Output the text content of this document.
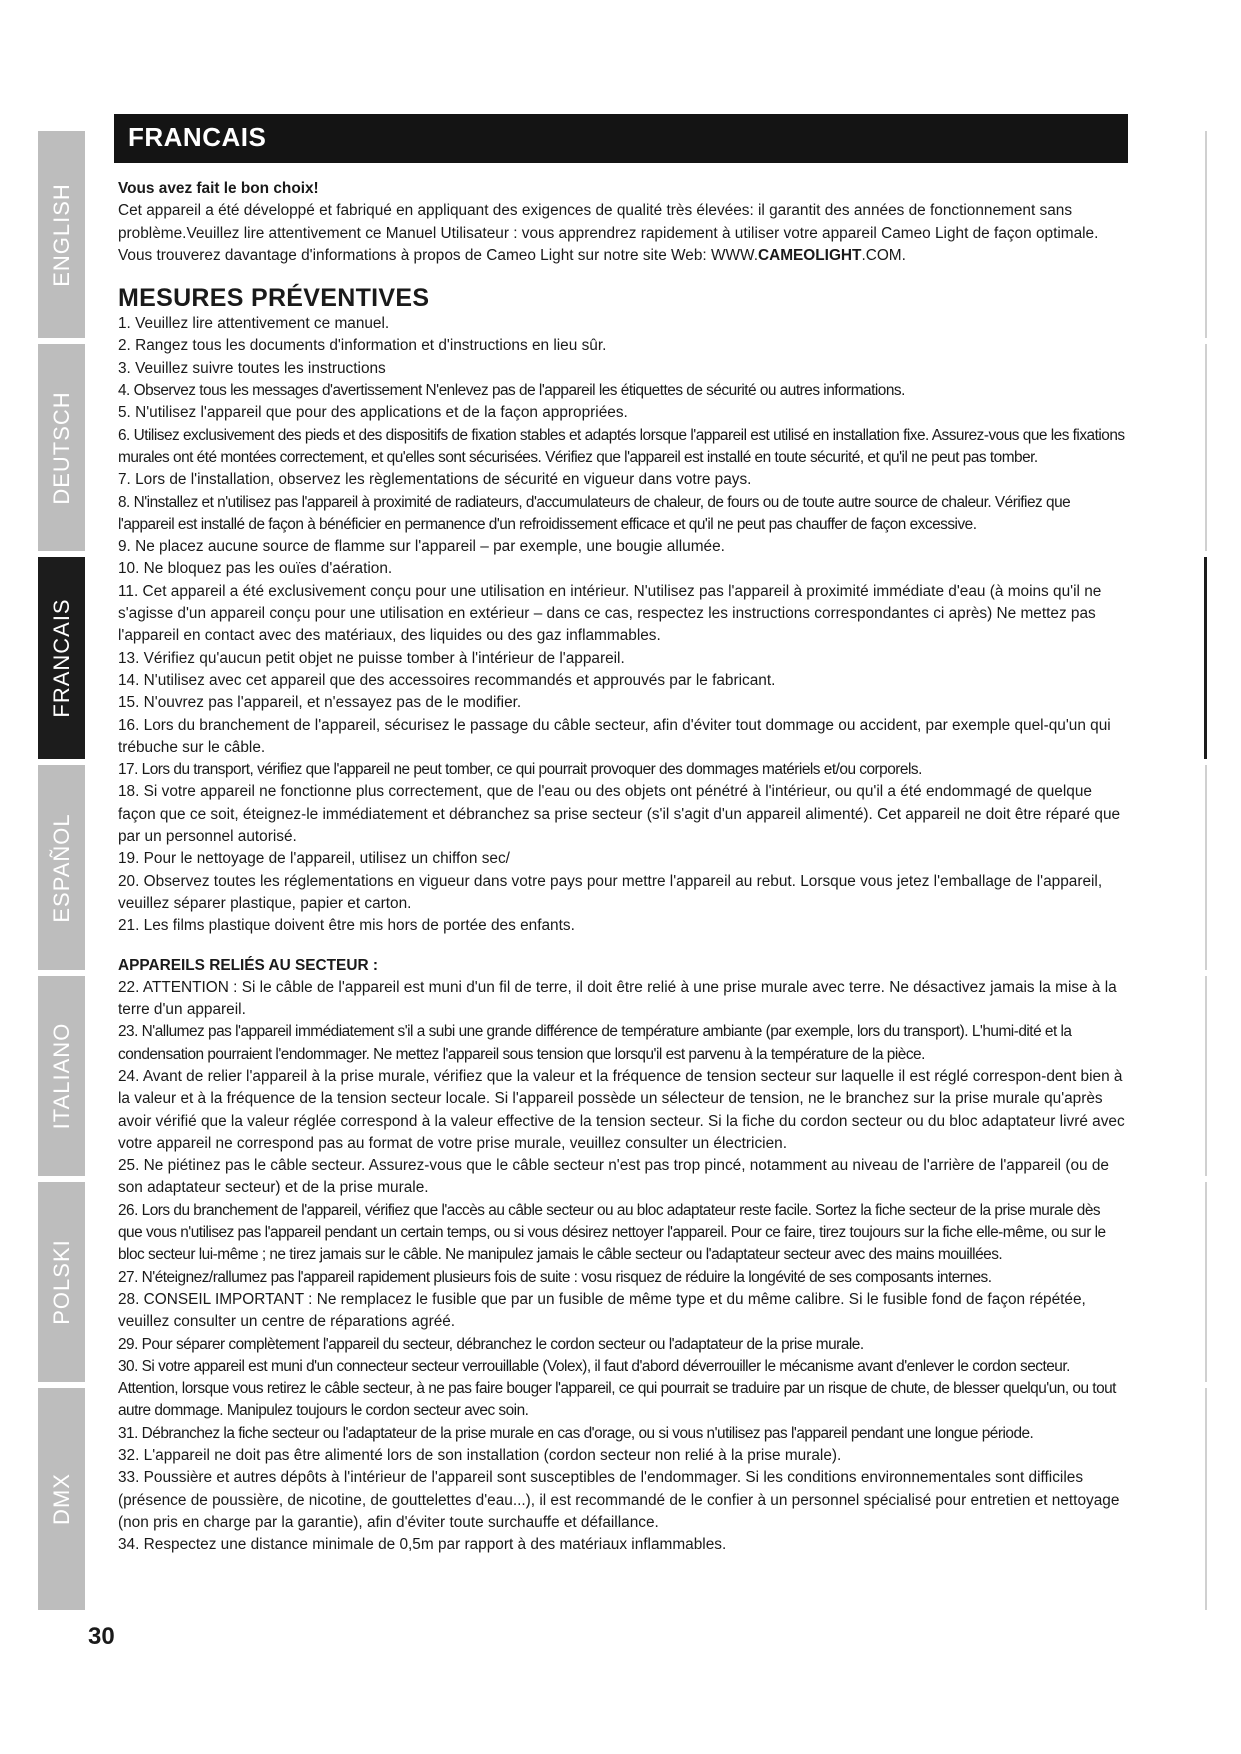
ENGLISH
DEUTSCH
FRANCAIS
ESPAÑOL
ITALIANO
POLSKI
DMX
FRANCAIS

Vous avez fait le bon choix!

Cet appareil a été développé et fabriqué en appliquant des exigences de qualité très élevées: il garantit des années de fonctionnement sans problème.Veuillez lire attentivement ce Manuel Utilisateur : vous apprendrez rapidement à utiliser votre appareil Cameo Light de façon optimale. Vous trouverez davantage d'informations à propos de Cameo Light sur notre site Web: WWW.CAMEOLIGHT.COM.

MESURES PRÉVENTIVES

1. Veuillez lire attentivement ce manuel.

2. Rangez tous les documents d'information et d'instructions en lieu sûr.

3. Veuillez suivre toutes les instructions

4. Observez tous les messages d'avertissement N'enlevez pas de l'appareil les étiquettes de sécurité ou autres informations.

5. N'utilisez l'appareil que pour des applications et de la façon appropriées.

6. Utilisez exclusivement des pieds et des dispositifs de fixation stables et adaptés lorsque l'appareil est utilisé en installation fixe. Assurez-vous que les fixations murales ont été montées correctement, et qu'elles sont sécurisées. Vérifiez que l'appareil est installé en toute sécurité, et qu'il ne peut pas tomber.

7. Lors de l'installation, observez les règlementations de sécurité en vigueur dans votre pays.

8. N'installez et n'utilisez pas l'appareil à proximité de radiateurs, d'accumulateurs de chaleur, de fours ou de toute autre source de chaleur. Vérifiez que l'appareil est installé de façon à bénéficier en permanence d'un refroidissement efficace et qu'il ne peut pas chauffer de façon excessive.

9. Ne placez aucune source de flamme sur l'appareil – par exemple, une bougie allumée.

10. Ne bloquez pas les ouïes d'aération.

11. Cet appareil a été exclusivement conçu pour une utilisation en intérieur. N'utilisez pas l'appareil à proximité immédiate d'eau (à moins qu'il ne s'agisse d'un appareil conçu pour une utilisation en extérieur – dans ce cas, respectez les instructions correspondantes ci après) Ne mettez pas l'appareil en contact avec des matériaux, des liquides ou des gaz inflammables.

13. Vérifiez qu'aucun petit objet ne puisse tomber à l'intérieur de l'appareil.

14. N'utilisez avec cet appareil que des accessoires recommandés et approuvés par le fabricant.

15. N'ouvrez pas l'appareil, et n'essayez pas de le modifier.

16. Lors du branchement de l'appareil, sécurisez le passage du câble secteur, afin d'éviter tout dommage ou accident, par exemple quel-qu'un qui trébuche sur le câble.

17. Lors du transport, vérifiez que l'appareil ne peut tomber, ce qui pourrait provoquer des dommages matériels et/ou corporels.

18. Si votre appareil ne fonctionne plus correctement, que de l'eau ou des objets ont pénétré à l'intérieur, ou qu'il a été endommagé de quelque façon que ce soit, éteignez-le immédiatement et débranchez sa prise secteur (s'il s'agit d'un appareil alimenté). Cet appareil ne doit être réparé que par un personnel autorisé.

19. Pour le nettoyage de l'appareil, utilisez un chiffon sec/

20. Observez toutes les réglementations en vigueur dans votre pays pour mettre l'appareil au rebut. Lorsque vous jetez l'emballage de l'appareil, veuillez séparer plastique, papier et carton.

21. Les films plastique doivent être mis hors de portée des enfants.

APPAREILS RELIÉS AU SECTEUR :

22. ATTENTION : Si le câble de l'appareil est muni d'un fil de terre, il doit être relié à une prise murale avec terre. Ne désactivez jamais la mise à la terre d'un appareil.

23. N'allumez pas l'appareil immédiatement s'il a subi une grande différence de température ambiante (par exemple, lors du transport). L'humi-dité et la condensation pourraient l'endommager. Ne mettez l'appareil sous tension que lorsqu'il est parvenu à la température de la pièce.

24. Avant de relier l'appareil à la prise murale, vérifiez que la valeur et la fréquence de tension secteur sur laquelle il est réglé correspon-dent bien à la valeur et à la fréquence de la tension secteur locale. Si l'appareil possède un sélecteur de tension, ne le branchez sur la prise murale qu'après avoir vérifié que la valeur réglée correspond à la valeur effective de la tension secteur. Si la fiche du cordon secteur ou du bloc adaptateur livré avec votre appareil ne correspond pas au format de votre prise murale, veuillez consulter un électricien.

25. Ne piétinez pas le câble secteur. Assurez-vous que le câble secteur n'est pas trop pincé, notamment au niveau de l'arrière de l'appareil (ou de son adaptateur secteur) et de la prise murale.

26. Lors du branchement de l'appareil, vérifiez que l'accès au câble secteur ou au bloc adaptateur reste facile. Sortez la fiche secteur de la prise murale dès que vous n'utilisez pas l'appareil pendant un certain temps, ou si vous désirez nettoyer l'appareil. Pour ce faire, tirez toujours sur la fiche elle-même, ou sur le bloc secteur lui-même ; ne tirez jamais sur le câble. Ne manipulez jamais le câble secteur ou l'adaptateur secteur avec des mains mouillées.

27. N'éteignez/rallumez pas l'appareil rapidement plusieurs fois de suite : vosu risquez de réduire la longévité de ses composants internes.

28. CONSEIL IMPORTANT : Ne remplacez le fusible que par un fusible de même type et du même calibre. Si le fusible fond de façon répétée, veuillez consulter un centre de réparations agréé.

29. Pour séparer complètement l'appareil du secteur, débranchez le cordon secteur ou l'adaptateur de la prise murale.

30. Si votre appareil est muni d'un connecteur secteur verrouillable (Volex), il faut d'abord déverrouiller le mécanisme avant d'enlever le cordon secteur. Attention, lorsque vous retirez le câble secteur, à ne pas faire bouger l'appareil, ce qui pourrait se traduire par un risque de chute, de blesser quelqu'un, ou tout autre dommage. Manipulez toujours le cordon secteur avec soin.

31. Débranchez la fiche secteur ou l'adaptateur de la prise murale en cas d'orage, ou si vous n'utilisez pas l'appareil pendant une longue période.

32. L'appareil ne doit pas être alimenté lors de son installation (cordon secteur non relié à la prise murale).

33. Poussière et autres dépôts à l'intérieur de l'appareil sont susceptibles de l'endommager. Si les conditions environnementales sont difficiles (présence de poussière, de nicotine, de gouttelettes d'eau...), il est recommandé de le confier à un personnel spécialisé pour entretien et nettoyage (non pris en charge par la garantie), afin d'éviter toute surchauffe et défaillance.

34. Respectez une distance minimale de 0,5m par rapport à des matériaux inflammables.

30
